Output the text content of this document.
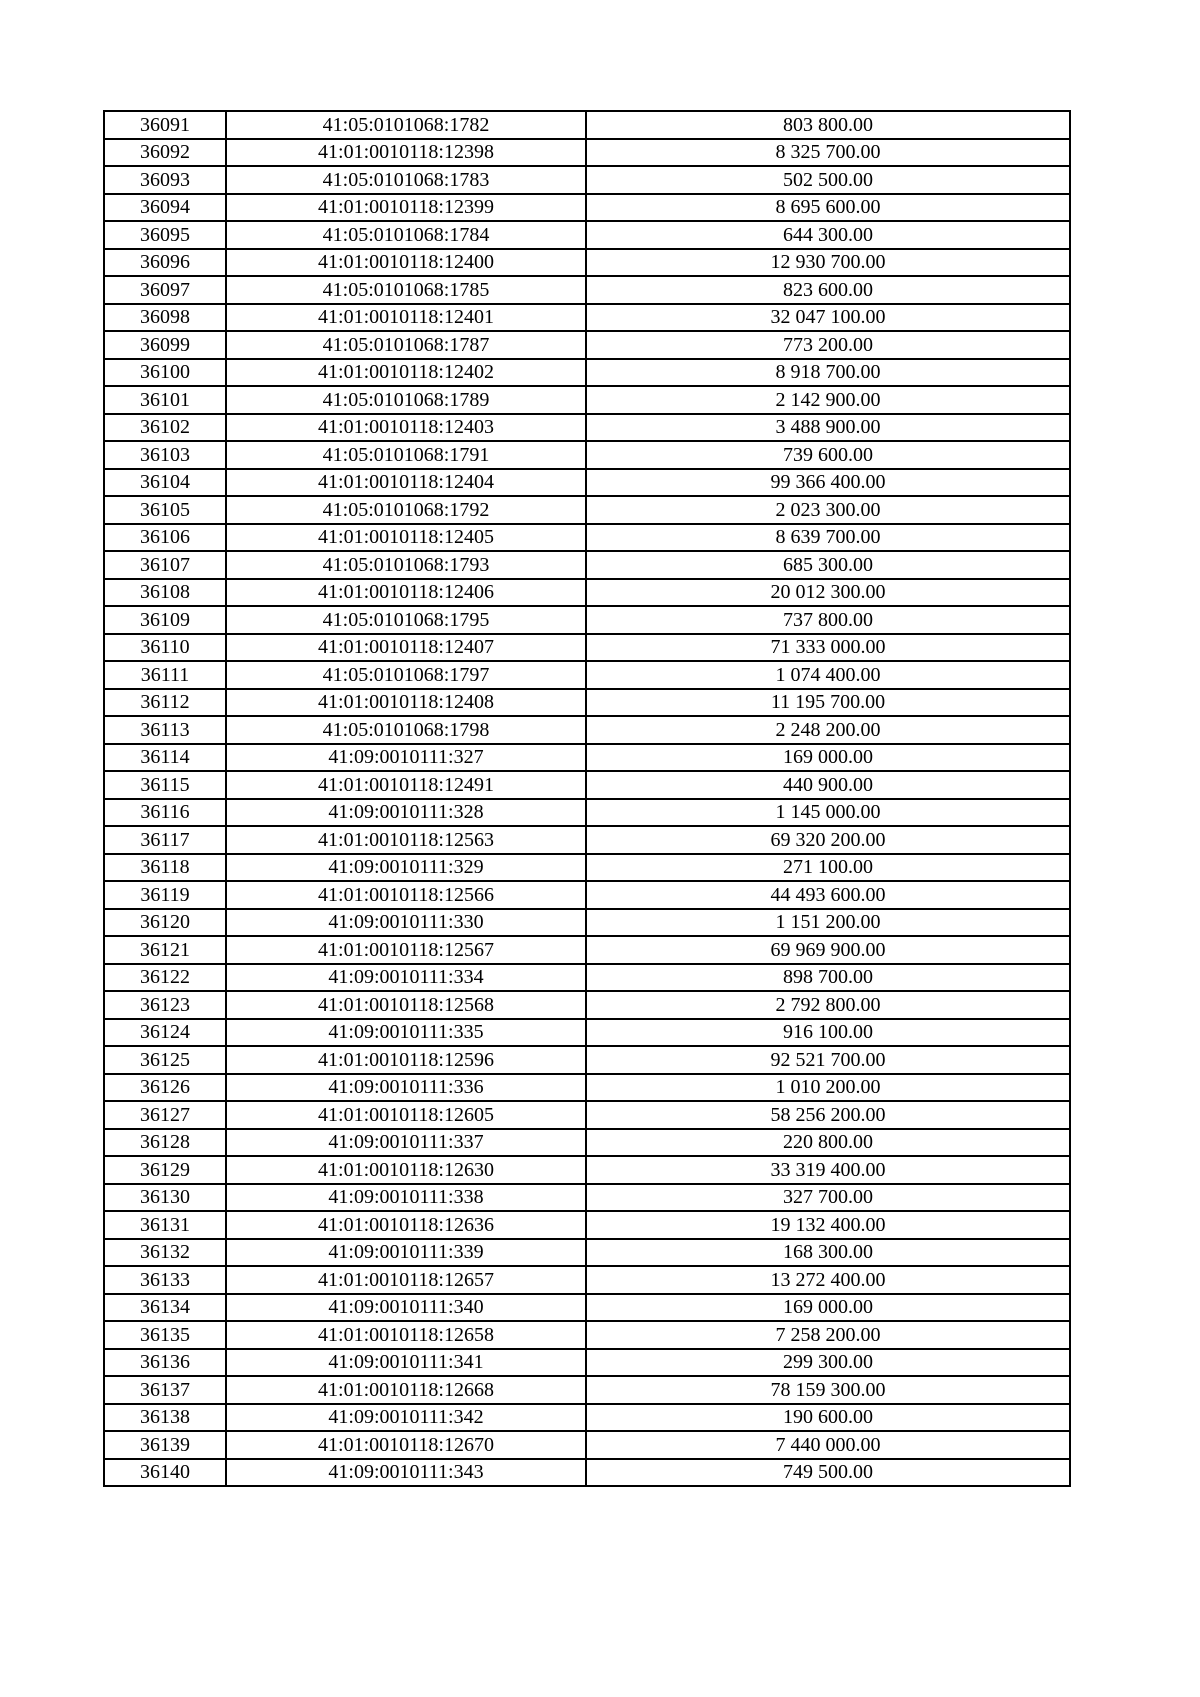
36091	41:05:0101068:1782	803 800.00
36092	41:01:0010118:12398	8 325 700.00
36093	41:05:0101068:1783	502 500.00
36094	41:01:0010118:12399	8 695 600.00
36095	41:05:0101068:1784	644 300.00
36096	41:01:0010118:12400	12 930 700.00
36097	41:05:0101068:1785	823 600.00
36098	41:01:0010118:12401	32 047 100.00
36099	41:05:0101068:1787	773 200.00
36100	41:01:0010118:12402	8 918 700.00
36101	41:05:0101068:1789	2 142 900.00
36102	41:01:0010118:12403	3 488 900.00
36103	41:05:0101068:1791	739 600.00
36104	41:01:0010118:12404	99 366 400.00
36105	41:05:0101068:1792	2 023 300.00
36106	41:01:0010118:12405	8 639 700.00
36107	41:05:0101068:1793	685 300.00
36108	41:01:0010118:12406	20 012 300.00
36109	41:05:0101068:1795	737 800.00
36110	41:01:0010118:12407	71 333 000.00
36111	41:05:0101068:1797	1 074 400.00
36112	41:01:0010118:12408	11 195 700.00
36113	41:05:0101068:1798	2 248 200.00
36114	41:09:0010111:327	169 000.00
36115	41:01:0010118:12491	440 900.00
36116	41:09:0010111:328	1 145 000.00
36117	41:01:0010118:12563	69 320 200.00
36118	41:09:0010111:329	271 100.00
36119	41:01:0010118:12566	44 493 600.00
36120	41:09:0010111:330	1 151 200.00
36121	41:01:0010118:12567	69 969 900.00
36122	41:09:0010111:334	898 700.00
36123	41:01:0010118:12568	2 792 800.00
36124	41:09:0010111:335	916 100.00
36125	41:01:0010118:12596	92 521 700.00
36126	41:09:0010111:336	1 010 200.00
36127	41:01:0010118:12605	58 256 200.00
36128	41:09:0010111:337	220 800.00
36129	41:01:0010118:12630	33 319 400.00
36130	41:09:0010111:338	327 700.00
36131	41:01:0010118:12636	19 132 400.00
36132	41:09:0010111:339	168 300.00
36133	41:01:0010118:12657	13 272 400.00
36134	41:09:0010111:340	169 000.00
36135	41:01:0010118:12658	7 258 200.00
36136	41:09:0010111:341	299 300.00
36137	41:01:0010118:12668	78 159 300.00
36138	41:09:0010111:342	190 600.00
36139	41:01:0010118:12670	7 440 000.00
36140	41:09:0010111:343	749 500.00
